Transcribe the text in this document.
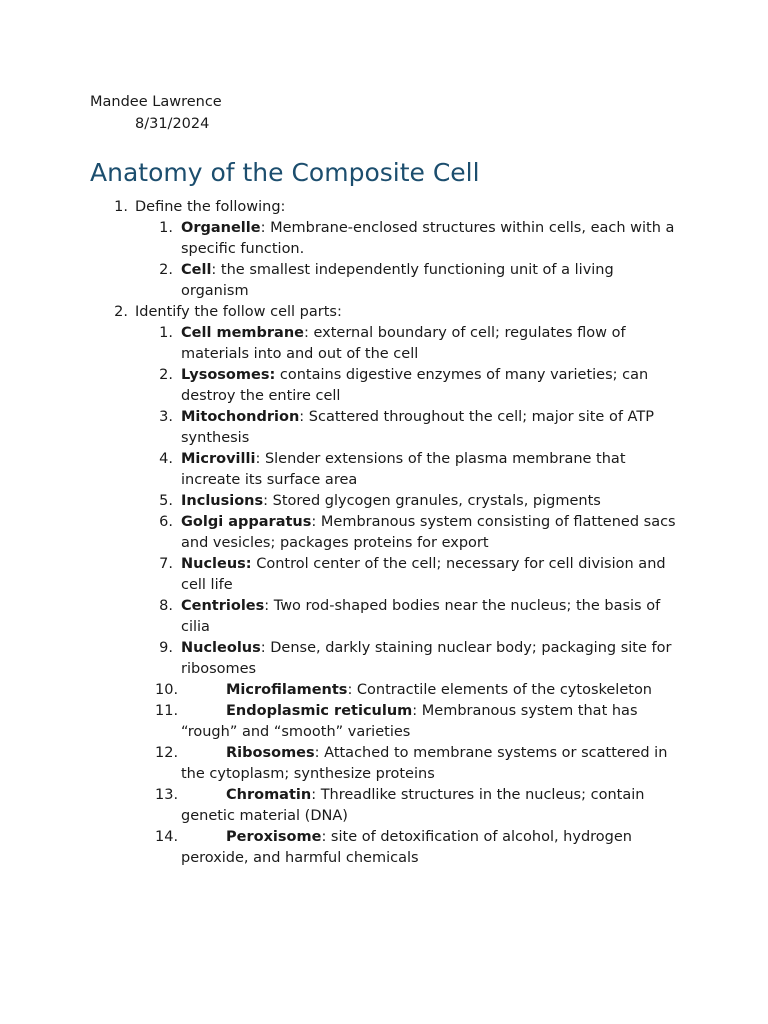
Mandee Lawrence

8/31/2024

Anatomy of the Composite Cell
1. Define the following:
1. Organelle: Membrane-enclosed structures within cells, each with a specific function.
2. Cell: the smallest independently functioning unit of a living organism
2. Identify the follow cell parts:
1. Cell membrane: external boundary of cell; regulates flow of materials into and out of the cell
2. Lysosomes: contains digestive enzymes of many varieties; can destroy the entire cell
3. Mitochondrion: Scattered throughout the cell; major site of ATP synthesis
4. Microvilli: Slender extensions of the plasma membrane that increate its surface area
5. Inclusions: Stored glycogen granules, crystals, pigments
6. Golgi apparatus: Membranous system consisting of flattened sacs and vesicles; packages proteins for export
7. Nucleus: Control center of the cell; necessary for cell division and cell life
8. Centrioles: Two rod-shaped bodies near the nucleus; the basis of cilia
9. Nucleolus: Dense, darkly staining nuclear body; packaging site for ribosomes
10.	Microfilaments: Contractile elements of the cytoskeleton
11.	Endoplasmic reticulum: Membranous system that has “rough” and “smooth” varieties
12.	Ribosomes: Attached to membrane systems or scattered in the cytoplasm; synthesize proteins
13.	Chromatin: Threadlike structures in the nucleus; contain genetic material (DNA)
14.	Peroxisome: site of detoxification of alcohol, hydrogen peroxide, and harmful chemicals
